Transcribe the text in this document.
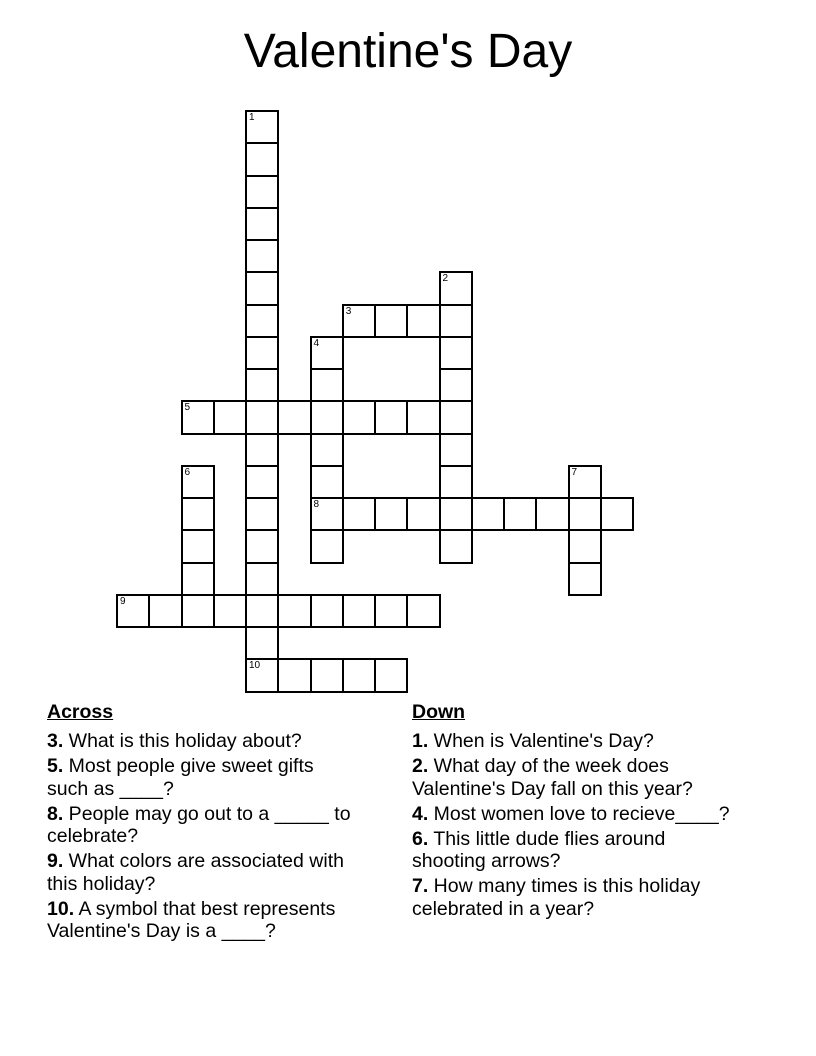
Valentine's Day
1
10
2
3
4
8
5
6	7
9
Across
3. What is this holiday about?
5. Most people give sweet gifts such as ____?
8. People may go out to a _____ to celebrate?
9. What colors are associated with this holiday?
10. A symbol that best represents Valentine's Day is a ____?
Down
1. When is Valentine's Day?
2. What day of the week does Valentine's Day fall on this year?
4. Most women love to recieve____?
6. This little dude flies around shooting arrows?
7. How many times is this holiday celebrated in a year?
